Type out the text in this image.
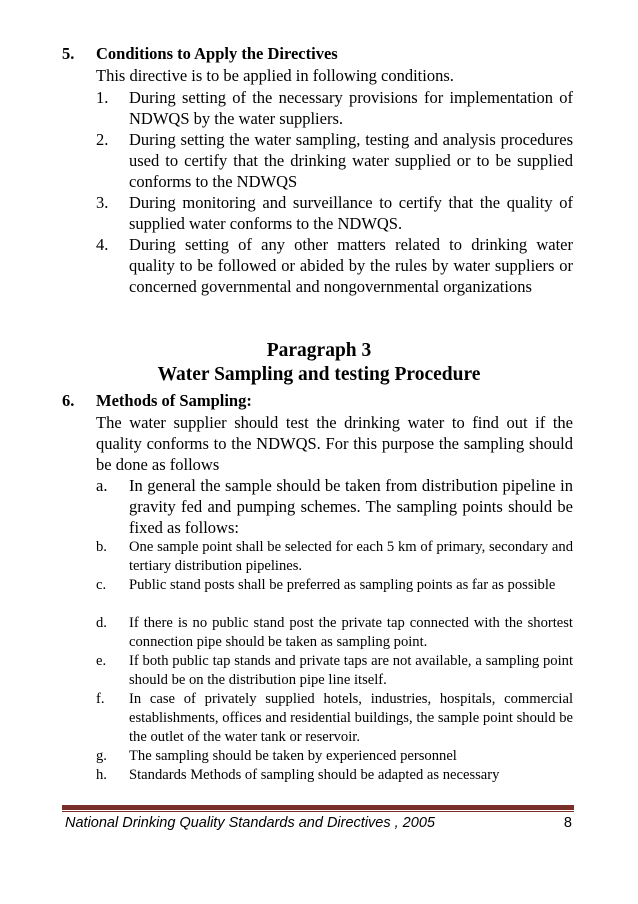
5. Conditions to Apply the Directives
This directive is to be applied in following conditions.
1. During setting of the necessary provisions for implementation of NDWQS by the water suppliers.
2. During setting the water sampling, testing and analysis procedures used to certify that the drinking water supplied or to be supplied conforms to the NDWQS
3. During monitoring and surveillance to certify that the quality of supplied water conforms to the NDWQS.
4. During setting of any other matters related to drinking water quality to be followed or abided by the rules by water suppliers or concerned governmental and nongovernmental organizations
Paragraph 3
Water Sampling and testing Procedure
6. Methods of Sampling:
The water supplier should test the drinking water to find out if the quality conforms to the NDWQS. For this purpose the sampling should be done as follows
a. In general the sample should be taken from distribution pipeline in gravity fed and pumping schemes. The sampling points should be fixed as follows:
b. One sample point shall be selected for each 5 km of primary, secondary and tertiary distribution pipelines.
c. Public stand posts shall be preferred as sampling points as far as possible
d. If there is no public stand post the private tap connected with the shortest connection pipe should be taken as sampling point.
e. If both public tap stands and private taps are not available, a sampling point should be on the distribution pipe line itself.
f. In case of privately supplied hotels, industries, hospitals, commercial establishments, offices and residential buildings, the sample point should be the outlet of the water tank or reservoir.
g. The sampling should be taken by experienced personnel
h. Standards Methods of sampling should be adapted as necessary
National Drinking Quality Standards and Directives , 2005	8
